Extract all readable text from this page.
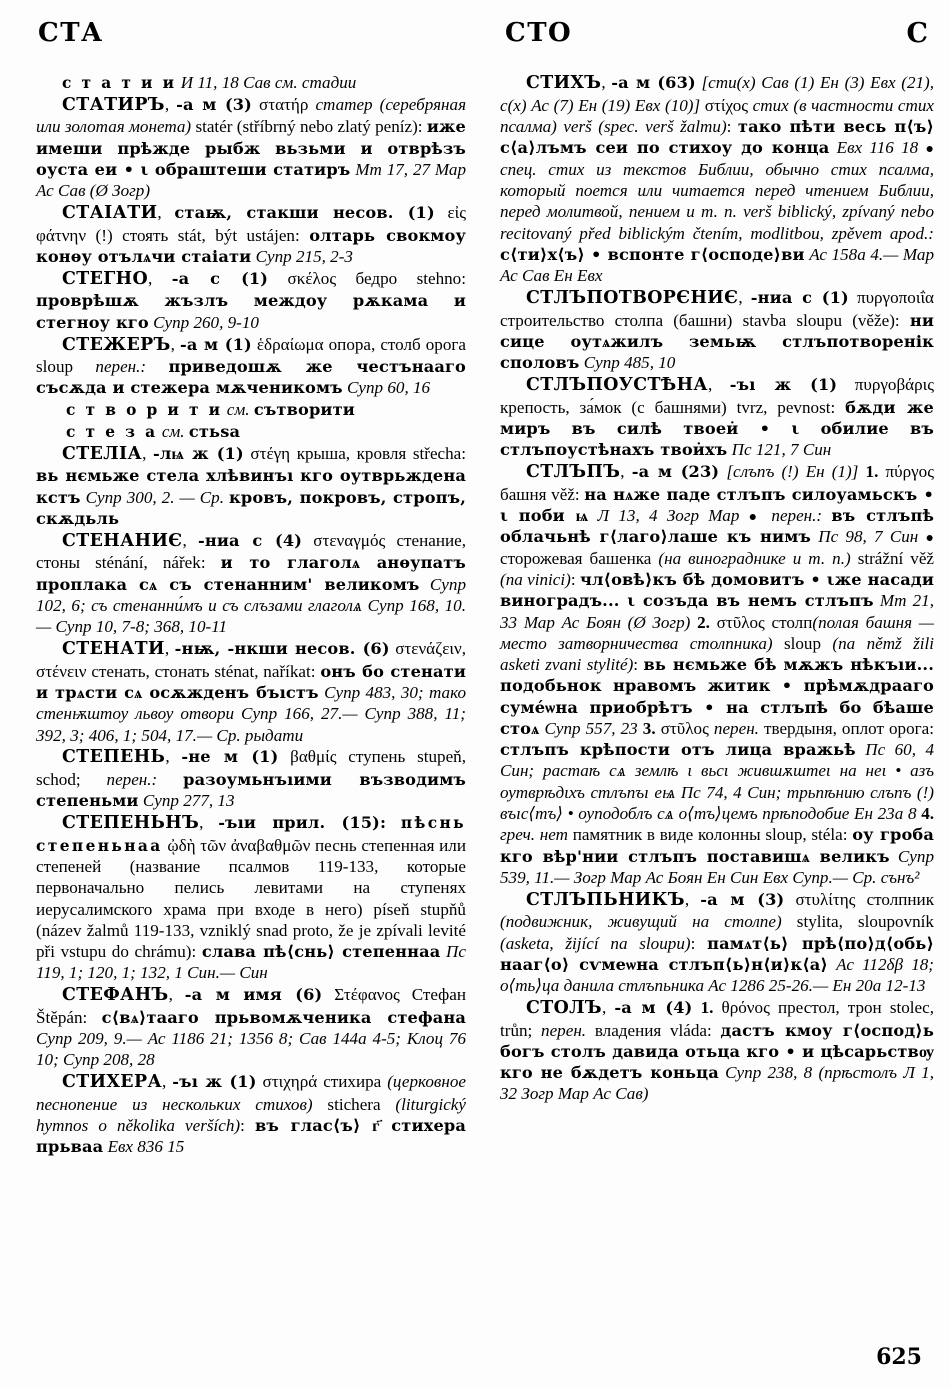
СТА	СТО	С

с т а т и и И 11, 18 Сав см. стадии

СТАТИРЪ, -а м (3) στατήρ статер (серебряная или золотая монета) statér (stříbrný nebo zlatý peníz): иже имеши прѣжде рыбж вьзьми и отврѣзъ оуста еи • ι обраштеши статиръ Мт 17, 27 Мар Ас Сав (Ø Зогр)

СТАІАТИ, стаѭ, стакши несов. (1) εἰς φάτνην (!) стоять stát, být ustájen: олтарь свокмоу конѳу отълѧчи стаіати Супр 215, 2-3

СТЕГНО, -а с (1) σκέλος бедро stehno: проврѣшѫ жъзлъ междоу рѫкама и стегноу кго Супр 260, 9-10

СТЕЖЕРЪ, -а м (1) ἑδραίωμα опора, столб орога sloup перен.: приведошѫ же честънааго съсѫда и стежера мѫченикомъ Супр 60, 16

с т в о р и т и см. сътворити

с т е з а см. стьѕа

СТЕЛІА, -лѩ ж (1) στέγη крыша, кровля střecha: вь нємьже стела хлѣвинъı кго оутврьждена кстъ Супр 300, 2. — Ср. кровъ, покровъ, стропъ, скѫдьль

СТЕНАНИЄ, -ниа с (4) στεναγμός стенание, стоны sténání, nářek: и то глаголѧ анѳупатъ проплака сѧ съ стенанним' великомъ Супр 102, 6; съ стенанни́мъ и съ слъзами глаголѧ Супр 168, 10.— Супр 10, 7-8; 368, 10-11

СТЕНАТИ, -нѭ, -нкши несов. (6) στενάζειν, στένειν стенать, стонать sténat, naříkat: онъ бо стенати и трѧсти сѧ осѫжденъ бъıстъ Супр 483, 30; тако стенѭштоу львоу отвори Супр 166, 27.— Супр 388, 11; 392, 3; 406, 1; 504, 17.— Ср. рыдати

СТЕПЕНЬ, -не м (1) βαθμίς ступень stupeň, schod; перен.: разоумьнъıими възводимъ степеньми Супр 277, 13

СТЕПЕНЬНЪ, -ъıи прил. (15): пѣснь степеньнаа ᾠδὴ τῶν ἀναβαθμῶν песнь степенная или степеней (название псалмов 119-133, которые первоначально пелись левитами на ступенях иерусалимского храма при входе в него) píseň stupňů (název žalmů 119-133, vzniklý snad proto, že je zpívali levité při vstupu do chrámu): слава пѣ⟨снь⟩ степеннаа Пс 119, 1; 120, 1; 132, 1 Син.— Син

СТЕФАНЪ, -а м имя (6) Στέφανος Стефан Štěpán: с⟨вѧ⟩тааго прьвомѫченика стефана Супр 209, 9.— Ас 1186 21; 1356 8; Сав 144а 4-5; Клоц 76 10; Супр 208, 28

СТИХЕРА, -ъı ж (1) στιχηρά стихира (церковное песнопение из нескольких стихов) stichera (liturgický hymnos o několika verších): въ глас⟨ъ⟩ г҃ стихера прьваа Евх 836 15

СТИХЪ, -а м (63) [сти(х) Сав (1) Ен (3) Евх (21), с(х) Ас (7) Ен (19) Евх (10)] στίχος стих (в частности стих псалма) verš (spec. verš žalmu): тако пѣти весь п⟨ъ⟩с⟨а⟩лъмъ сеи по стихоу до конца Евх 116 18 ● спец. стих из текстов Библии, обычно стих псалма, который поется или читается перед чтением Библии, перед молитвой, пением и т. п. verš biblický, zpívaný nebo recitovaný před biblickým čtením, modlitbou, zpěvem apod.: с⟨ти⟩х⟨ъ⟩ • вспонте г⟨осподе⟩ви Ас 158а 4.— Мар Ас Сав Ен Евх

СТЛЪПОТВОРЄНИЄ, -ниа с (1) πυργοποιΐα строительство столпа (башни) stavba sloupu (věže): ни сице оутѧжилъ земьѭ стлъпотворенік споловъ Супр 485, 10

СТЛЪПОУСТѢНА, -ъı ж (1) πυργοβάρις крепость, за́мок (с башнями) tvrz, pevnost: бѫди же миръ въ силѣ твоеи̇ • ι обилие въ стлъпоустѣнахъ твои̇хъ Пс 121, 7 Син

СТЛЪПЪ, -а м (23) [слъпъ (!) Ен (1)] 1. πύργος башня věž: на нѧже паде стлъпъ силоуамьскъ • ι поби ѩ Л 13, 4 Зогр Мар ● перен.: въ стлъпѣ облачьнѣ г⟨лаго⟩лаше къ нимъ Пс 98, 7 Син ● сторожевая башенка (на винограднике и т. п.) strážní věž (na vinici): чл⟨овѣ⟩къ бѣ домовитъ • ιже насади виноградъ... ι созъда въ немъ стлъпъ Мт 21, 33 Мар Ас Боян (Ø Зогр) 2. στῦλος столп(полая башня — место затворничества столпника) sloup (na němž žili asketi zvani stylité): вь нємьже бѣ мѫжъ нѣкъıи... подобьнок нравомъ житик • прѣмѫдрааго суме́ѡна приобрѣтъ • на стлъпѣ бо бѣаше стоѧ Супр 557, 23 3. στῦλος перен. твердыня, оплот орога: стлъпъ крѣпости отъ лица вражьѣ Пс 60, 4 Син; растаѣ сѧ землѣ ι вьсι жившѫштеι на неι • азъ оутврѣдιхъ стлъпъı еѩ Пс 74, 4 Син; трьпѣнию слъпъ (!) въıс⟨тъ⟩ • оуподоблъ сѧ о⟨тъ⟩цемъ прѣподобие Ен 23а 8 4. греч. нет памятник в виде колонны sloup, stéla: оу гроба кго вѣр'нии стлъпъ поставишѧ великъ Супр 539, 11.— Зогр Мар Ас Боян Ен Син Евх Супр.— Ср. сънъ²

СТЛЪПЬНИКЪ, -а м (3) στυλίτης столпник (подвижник, живущий на столпе) stylita, sloupovník (asketa, žijící na sloupu): памѧт⟨ь⟩ прѣ⟨по⟩д⟨обь⟩нааг⟨о⟩ сѵмеѡна стлъп⟨ь⟩н⟨и⟩к⟨а⟩ Ас 112δβ 18; о⟨ть⟩ца данила стлъпьника Ас 1286 25-26.— Ен 20а 12-13

СТОЛЪ, -а м (4) 1. θρόνος престол, трон stolec, trůn; перен. владения vláda: дастъ кмоу г⟨оспод⟩ь богъ столъ давида отьца кго • и цѣсарьствѹ кго не бѫдетъ коньца Супр 238, 8 (прѣстолъ Л 1, 32 Зогр Мар Ас Сав)

625
